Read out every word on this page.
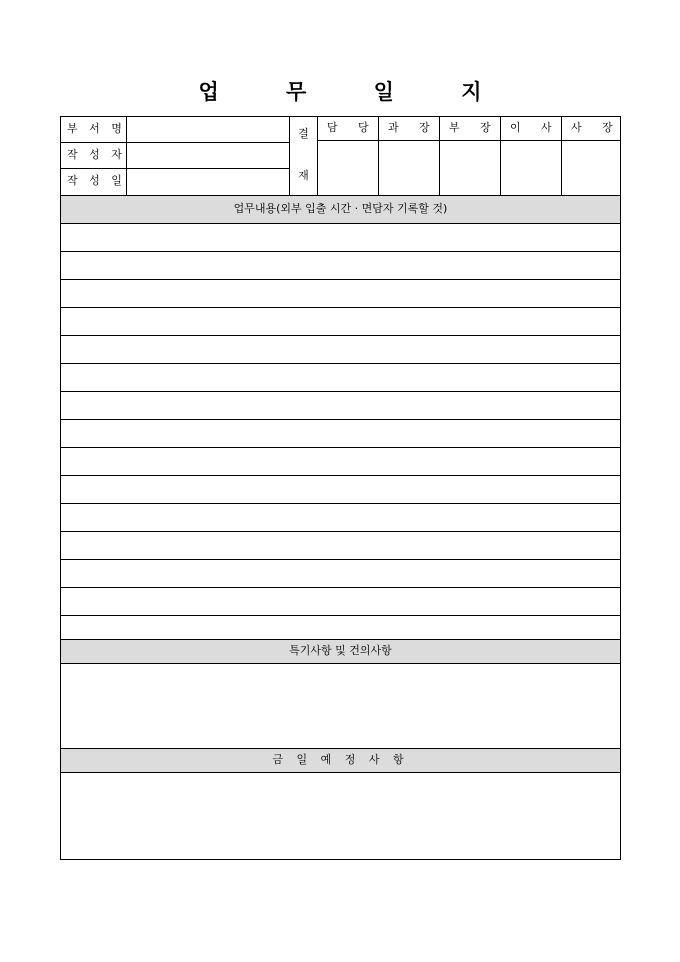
업 무 일 지
부 서 명
작 성 자
작 성 일
결
재
담 당 과 장 부 장 이 사 사 장
업무내용(외부 입출 시간 · 면담자 기록할 것)
특기사항 및 건의사항
금 일 예 정 사 항
